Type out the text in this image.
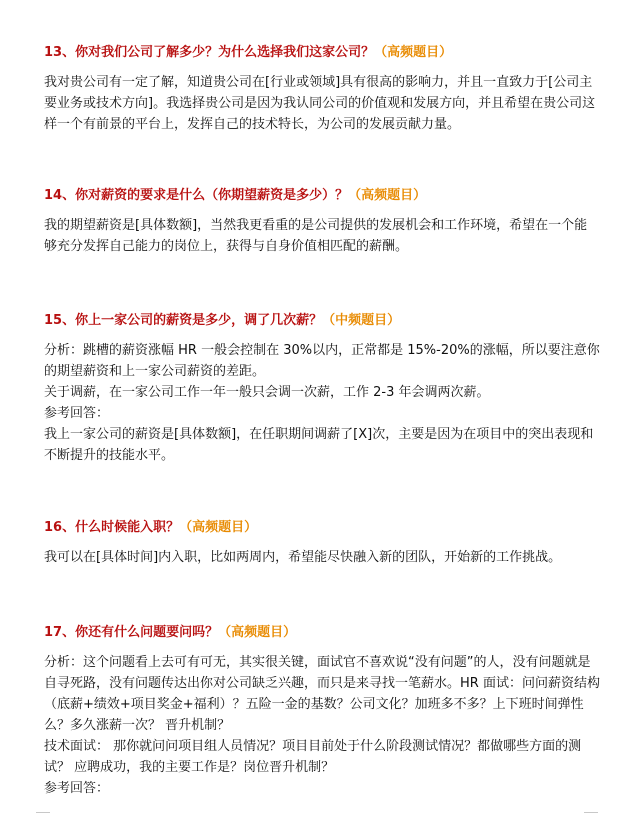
13、你对我们公司了解多少？为什么选择我们这家公司？（高频题目）

我对贵公司有一定了解，知道贵公司在[行业或领域]具有很高的影响力，并且一直致力于[公司主要业务或技术方向]。我选择贵公司是因为我认同公司的价值观和发展方向，并且希望在贵公司这样一个有前景的平台上，发挥自己的技术特长，为公司的发展贡献力量。

14、你对薪资的要求是什么（你期望薪资是多少）？（高频题目）

我的期望薪资是[具体数额]，当然我更看重的是公司提供的发展机会和工作环境，希望在一个能够充分发挥自己能力的岗位上，获得与自身价值相匹配的薪酬。

15、你上一家公司的薪资是多少，调了几次薪？（中频题目）

分析：跳槽的薪资涨幅 HR 一般会控制在 30%以内，正常都是 15%-20%的涨幅，所以要注意你的期望薪资和上一家公司薪资的差距。

关于调薪，在一家公司工作一年一般只会调一次薪，工作 2-3 年会调两次薪。

参考回答：

我上一家公司的薪资是[具体数额]，在任职期间调薪了[X]次，主要是因为在项目中的突出表现和不断提升的技能水平。

16、什么时候能入职？（高频题目）

我可以在[具体时间]内入职，比如两周内，希望能尽快融入新的团队，开始新的工作挑战。

17、你还有什么问题要问吗？（高频题目）

分析：这个问题看上去可有可无，其实很关键，面试官不喜欢说“没有问题”的人，没有问题就是自寻死路，没有问题传达出你对公司缺乏兴趣，而只是来寻找一笔薪水。HR 面试：问问薪资结构（底薪+绩效+项目奖金+福利）？五险一金的基数？公司文化？加班多不多？上下班时间弹性么？多久涨薪一次？ 晋升机制？

技术面试： 那你就问问项目组人员情况？项目目前处于什么阶段测试情况？都做哪些方面的测试？ 应聘成功，我的主要工作是？岗位晋升机制？

参考回答：
